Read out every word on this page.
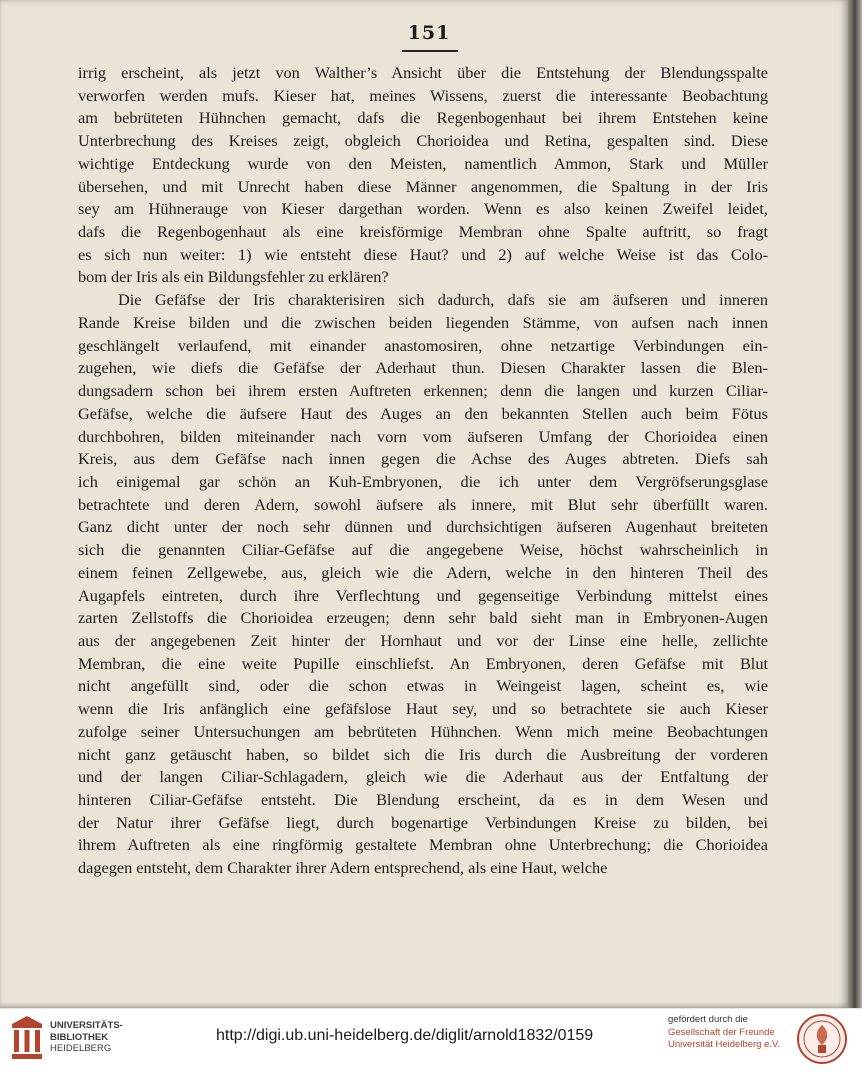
151
irrig erscheint, als jetzt von Walther’s Ansicht über die Entstehung der Blendungsspalte
verworfen werden mufs. Kieser hat, meines Wissens, zuerst die interessante Beobachtung
am bebrüteten Hühnchen gemacht, dafs die Regenbogenhaut bei ihrem Entstehen keine
Unterbrechung des Kreises zeigt, obgleich Chorioidea und Retina, gespalten sind. Diese
wichtige Entdeckung wurde von den Meisten, namentlich Ammon, Stark und Müller
übersehen, und mit Unrecht haben diese Männer angenommen, die Spaltung in der Iris
sey am Hühnerauge von Kieser dargethan worden. Wenn es also keinen Zweifel leidet,
dafs die Regenbogenhaut als eine kreisförmige Membran ohne Spalte auftritt, so fragt
es sich nun weiter: 1) wie entsteht diese Haut? und 2) auf welche Weise ist das Colo-
bom der Iris als ein Bildungsfehler zu erklären?
Die Gefäfse der Iris charakterisiren sich dadurch, dafs sie am äufseren und inneren
Rande Kreise bilden und die zwischen beiden liegenden Stämme, von aufsen nach innen
geschlängelt verlaufend, mit einander anastomosiren, ohne netzartige Verbindungen ein-
zugehen, wie diefs die Gefäfse der Aderhaut thun. Diesen Charakter lassen die Blen-
dungsadern schon bei ihrem ersten Auftreten erkennen; denn die langen und kurzen Ciliar-
Gefäfse, welche die äufsere Haut des Auges an den bekannten Stellen auch beim Fötus
durchbohren, bilden miteinander nach vorn vom äufseren Umfang der Chorioidea einen
Kreis, aus dem Gefäfse nach innen gegen die Achse des Auges abtreten. Diefs sah
ich einigemal gar schön an Kuh-Embryonen, die ich unter dem Vergröfserungsglase
betrachtete und deren Adern, sowohl äufsere als innere, mit Blut sehr überfüllt waren.
Ganz dicht unter der noch sehr dünnen und durchsichtigen äufseren Augenhaut breiteten
sich die genannten Ciliar-Gefäfse auf die angegebene Weise, höchst wahrscheinlich in
einem feinen Zellgewebe, aus, gleich wie die Adern, welche in den hinteren Theil des
Augapfels eintreten, durch ihre Verflechtung und gegenseitige Verbindung mittelst eines
zarten Zellstoffs die Chorioidea erzeugen; denn sehr bald sieht man in Embryonen-Augen
aus der angegebenen Zeit hinter der Hornhaut und vor der Linse eine helle, zellichte
Membran, die eine weite Pupille einschliefst. An Embryonen, deren Gefäfse mit Blut
nicht angefüllt sind, oder die schon etwas in Weingeist lagen, scheint es, wie
wenn die Iris anfänglich eine gefäfslose Haut sey, und so betrachtete sie auch Kieser
zufolge seiner Untersuchungen am bebrüteten Hühnchen. Wenn mich meine Beobachtungen
nicht ganz getäuscht haben, so bildet sich die Iris durch die Ausbreitung der vorderen
und der langen Ciliar-Schlagadern, gleich wie die Aderhaut aus der Entfaltung der
hinteren Ciliar-Gefäfse entsteht. Die Blendung erscheint, da es in dem Wesen und
der Natur ihrer Gefäfse liegt, durch bogenartige Verbindungen Kreise zu bilden, bei
ihrem Auftreten als eine ringförmig gestaltete Membran ohne Unterbrechung; die Chorioidea
dagegen entsteht, dem Charakter ihrer Adern entsprechend, als eine Haut, welche
UNIVERSITÄTS-
BIBLIOTHEK
HEIDELBERG
http://digi.ub.uni-heidelberg.de/diglit/arnold1832/0159
gefördert durch die
Gesellschaft der Freunde
Universität Heidelberg e.V.
